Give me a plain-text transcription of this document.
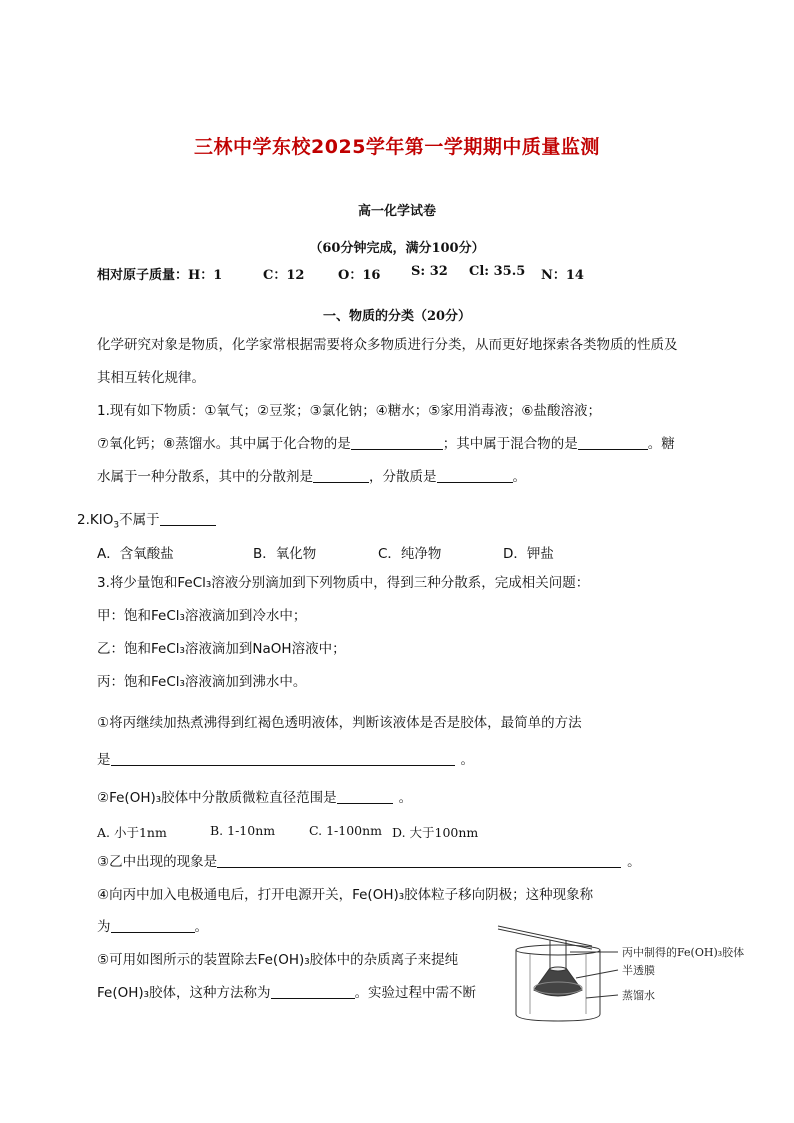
三林中学东校2025学年第一学期期中质量监测
高一化学试卷
（60分钟完成，满分100分）
相对原子质量：H：1	C：12	O：16 S: 32 Cl: 35.5 N：14
一、物质的分类（20分）
化学研究对象是物质，化学家常根据需要将众多物质进行分类，从而更好地探索各类物质的性质及
其相互转化规律。
1.现有如下物质：①氧气；②豆浆；③氯化钠；④糖水；⑤家用消毒液；⑥盐酸溶液；
⑦氧化钙；⑧蒸馏水。其中属于化合物的是	；其中属于混合物的是	。糖
水属于一种分散系，其中的分散剂是	，分散质是	。
$2.KIO_3$不属于
A．含氧酸盐	B．氧化物	C．纯净物	D．钾盐
3.将少量饱和FeCl₃溶液分别滴加到下列物质中，得到三种分散系，完成相关问题：
甲：饱和FeCl₃溶液滴加到冷水中；
乙：饱和FeCl₃溶液滴加到NaOH溶液中；
丙：饱和FeCl₃溶液滴加到沸水中。
①将丙继续加热煮沸得到红褐色透明液体，判断该液体是否是胶体，最简单的方法
是	。
②Fe(OH)₃胶体中分散质微粒直径范围是	。
A. 小于1nm	B. 1-10nm	C. 1-100nm D. 大于100nm
③乙中出现的现象是	。
④向丙中加入电极通电后，打开电源开关，Fe(OH)₃胶体粒子移向阴极；这种现象称
为	。
⑤可用如图所示的装置除去Fe(OH)₃胶体中的杂质离子来提纯
Fe(OH)₃胶体，这种方法称为	。实验过程中需不断
丙中制得的Fe(OH)₃胶体
半透膜
蒸馏水
